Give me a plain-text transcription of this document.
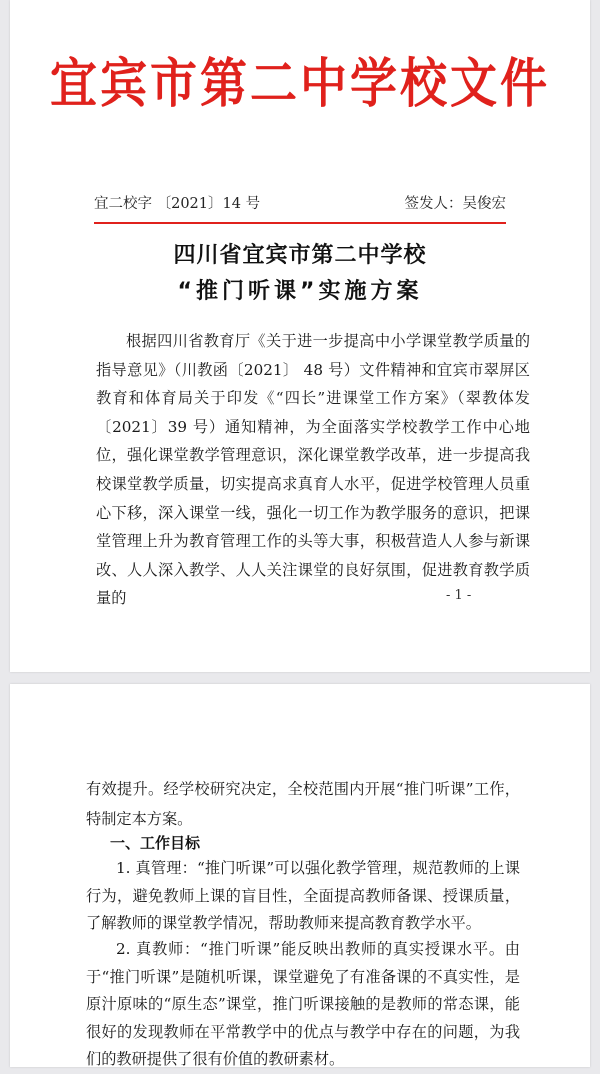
宜宾市第二中学校文件
宜二校字 〔2021〕14 号	签发人：吴俊宏
四川省宜宾市第二中学校
“推门听课”实施方案
根据四川省教育厅《关于进一步提高中小学课堂教学质量的指导意见》（川教函〔2021〕 48 号）文件精神和宜宾市翠屏区教育和体育局关于印发《“四长”进课堂工作方案》（翠教体发〔2021〕39 号）通知精神，为全面落实学校教学工作中心地位，强化课堂教学管理意识，深化课堂教学改革，进一步提高我校课堂教学质量，切实提高求真育人水平，促进学校管理人员重心下移，深入课堂一线，强化一切工作为教学服务的意识，把课堂管理上升为教育管理工作的头等大事，积极营造人人参与新课改、人人深入教学、人人关注课堂的良好氛围，促进教育教学质量的	- 1 -
有效提升。经学校研究决定，全校范围内开展“推门听课”工作，特制定本方案。
一、工作目标
1. 真管理：“推门听课”可以强化教学管理，规范教师的上课行为，避免教师上课的盲目性，全面提高教师备课、授课质量，了解教师的课堂教学情况，帮助教师来提高教育教学水平。
2. 真教师：“推门听课”能反映出教师的真实授课水平。由于“推门听课”是随机听课，课堂避免了有准备课的不真实性，是原汁原味的“原生态”课堂，推门听课接触的是教师的常态课，能很好的发现教师在平常教学中的优点与教学中存在的问题，为我们的教研提供了很有价值的教研素材。
